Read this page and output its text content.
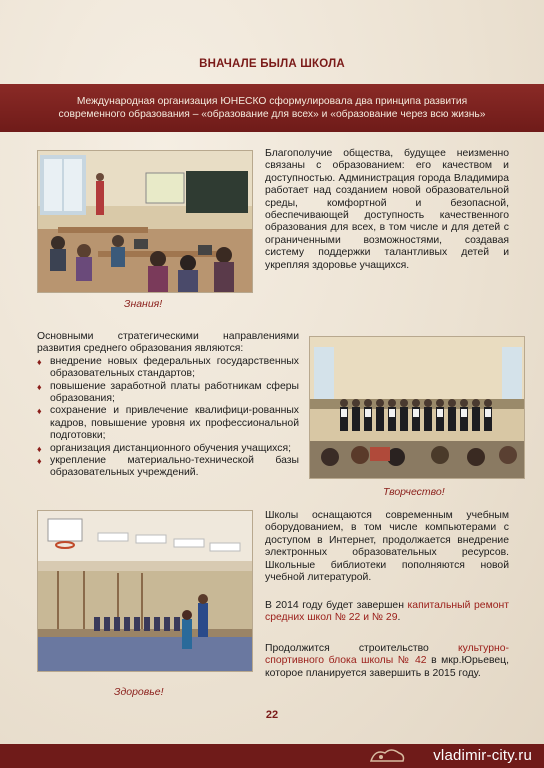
ВНАЧАЛЕ БЫЛА ШКОЛА
Международная организация ЮНЕСКО сформулировала два принципа развития современного образования – «образование для всех» и «образование через всю жизнь»
Знания!

Благополучие общества, будущее неизменно связаны с образованием: его качеством и доступностью. Администрация города Владимира работает над созданием новой образовательной среды, комфортной и безопасной, обеспечивающей доступность качественного образования для всех, в том числе и для детей с ограниченными возможностями, создавая систему поддержки талантливых детей и укрепляя здоровье учащихся.

Основными стратегическими направлениями развития среднего образования являются:

♦ внедрение новых федеральных государственных образовательных стандартов;
♦ повышение заработной платы работникам сферы образования;
♦ сохранение и привлечение квалифици-рованных кадров, повышение уровня их профессиональной подготовки;
♦ организация дистанционного обучения учащихся;
♦ укрепление материально-технической базы образовательных учреждений.
Творчество!
Здоровье!

Школы оснащаются современным учебным оборудованием, в том числе компьютерами с доступом в Интернет, продолжается внедрение электронных образовательных ресурсов. Школьные библиотеки пополняются новой учебной литературой.

В 2014 году будет завершен капитальный ремонт средних школ № 22 и № 29.

Продолжится строительство культурно-спортивного блока школы № 42 в мкр.Юрьевец, которое планируется завершить в 2015 году.

22
vladimir-city.ru
